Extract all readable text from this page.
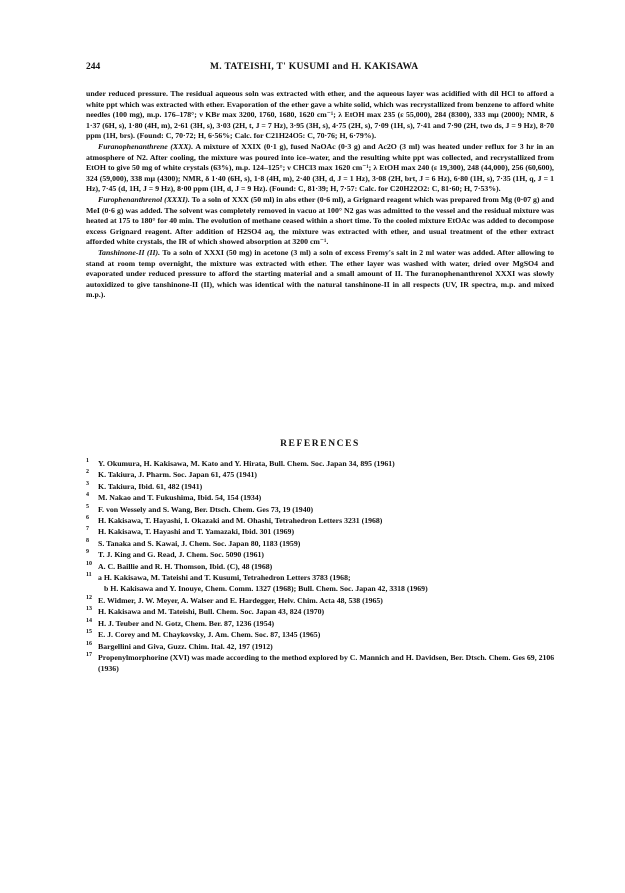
244	M. TATEISHI, T' KUSUMI and H. KAKISAWA

under reduced pressure. The residual aqueous soln was extracted with ether, and the aqueous layer was acidified with dil HCl to afford a white ppt which was extracted with ether. Evaporation of the ether gave a white solid, which was recrystallized from benzene to afford white needles (100 mg), m.p. 176–178°; ν KBr max 3200, 1760, 1680, 1620 cm⁻¹; λ EtOH max 235 (ε 55,000), 284 (8300), 333 mμ (2000); NMR, δ 1·37 (6H, s), 1·80 (4H, m), 2·61 (3H, s), 3·03 (2H, t, J = 7 Hz), 3·95 (3H, s), 4·75 (2H, s), 7·09 (1H, s), 7·41 and 7·90 (2H, two ds, J = 9 Hz), 8·70 ppm (1H, brs). (Found: C, 70·72; H, 6·56%; Calc. for C21H24O5: C, 70·76; H, 6·79%).

Furanophenanthrene (XXX). A mixture of XXIX (0·1 g), fused NaOAc (0·3 g) and Ac2O (3 ml) was heated under reflux for 3 hr in an atmosphere of N2. After cooling, the mixture was poured into ice–water, and the resulting white ppt was collected, and recrystallized from EtOH to give 50 mg of white crystals (63%), m.p. 124–125°; ν CHCl3 max 1620 cm⁻¹; λ EtOH max 240 (ε 19,300), 248 (44,000), 256 (60,600), 324 (59,000), 338 mμ (4300); NMR, δ 1·40 (6H, s), 1·8 (4H, m), 2·40 (3H, d, J = 1 Hz), 3·08 (2H, brt, J = 6 Hz), 6·80 (1H, s), 7·35 (1H, q, J = 1 Hz), 7·45 (d, 1H, J = 9 Hz), 8·00 ppm (1H, d, J = 9 Hz). (Found: C, 81·39; H, 7·57: Calc. for C20H22O2: C, 81·60; H, 7·53%).

Furophenanthrenol (XXXI). To a soln of XXX (50 ml) in abs ether (0·6 ml), a Grignard reagent which was prepared from Mg (0·07 g) and MeI (0·6 g) was added. The solvent was completely removed in vacuo at 100° N2 gas was admitted to the vessel and the residual mixture was heated at 175 to 180° for 40 min. The evolution of methane ceased within a short time. To the cooled mixture EtOAc was added to decompose excess Grignard reagent. After addition of H2SO4 aq, the mixture was extracted with ether, and usual treatment of the ether extract afforded white crystals, the IR of which showed absorption at 3200 cm⁻¹.

Tanshinone-II (II). To a soln of XXXI (50 mg) in acetone (3 ml) a soln of excess Fremy's salt in 2 ml water was added. After allowing to stand at room temp overnight, the mixture was extracted with ether. The ether layer was washed with water, dried over MgSO4 and evaporated under reduced pressure to afford the starting material and a small amount of II. The furanophenanthrenol XXXI was slowly autoxidized to give tanshinone-II (II), which was identical with the natural tanshinone-II in all respects (UV, IR spectra, m.p. and mixed m.p.).

REFERENCES
1 Y. Okumura, H. Kakisawa, M. Kato and Y. Hirata, Bull. Chem. Soc. Japan 34, 895 (1961)
2 K. Takiura, J. Pharm. Soc. Japan 61, 475 (1941)
3 K. Takiura, Ibid. 61, 482 (1941)
4 M. Nakao and T. Fukushima, Ibid. 54, 154 (1934)
5 F. von Wessely and S. Wang, Ber. Dtsch. Chem. Ges 73, 19 (1940)
6 H. Kakisawa, T. Hayashi, I. Okazaki and M. Ohashi, Tetrahedron Letters 3231 (1968)
7 H. Kakisawa, T. Hayashi and T. Yamazaki, Ibid. 301 (1969)
8 S. Tanaka and S. Kawai, J. Chem. Soc. Japan 80, 1183 (1959)
9 T. J. King and G. Read, J. Chem. Soc. 5090 (1961)
10 A. C. Baillie and R. H. Thomson, Ibid. (C), 48 (1968)
11 a H. Kakisawa, M. Tateishi and T. Kusumi, Tetrahedron Letters 3783 (1968;
b H. Kakisawa and Y. Inouye, Chem. Comm. 1327 (1968); Bull. Chem. Soc. Japan 42, 3318 (1969)
12 E. Widmer, J. W. Meyer, A. Walser and E. Hardegger, Helv. Chim. Acta 48, 538 (1965)
13 H. Kakisawa and M. Tateishi, Bull. Chem. Soc. Japan 43, 824 (1970)
14 H. J. Teuber and N. Gotz, Chem. Ber. 87, 1236 (1954)
15 E. J. Corey and M. Chaykovsky, J. Am. Chem. Soc. 87, 1345 (1965)
16 Bargellini and Giva, Guzz. Chim. Ital. 42, 197 (1912)
17 Propenylmorphorine (XVI) was made according to the method explored by C. Mannich and H. Davidsen, Ber. Dtsch. Chem. Ges 69, 2106 (1936)
